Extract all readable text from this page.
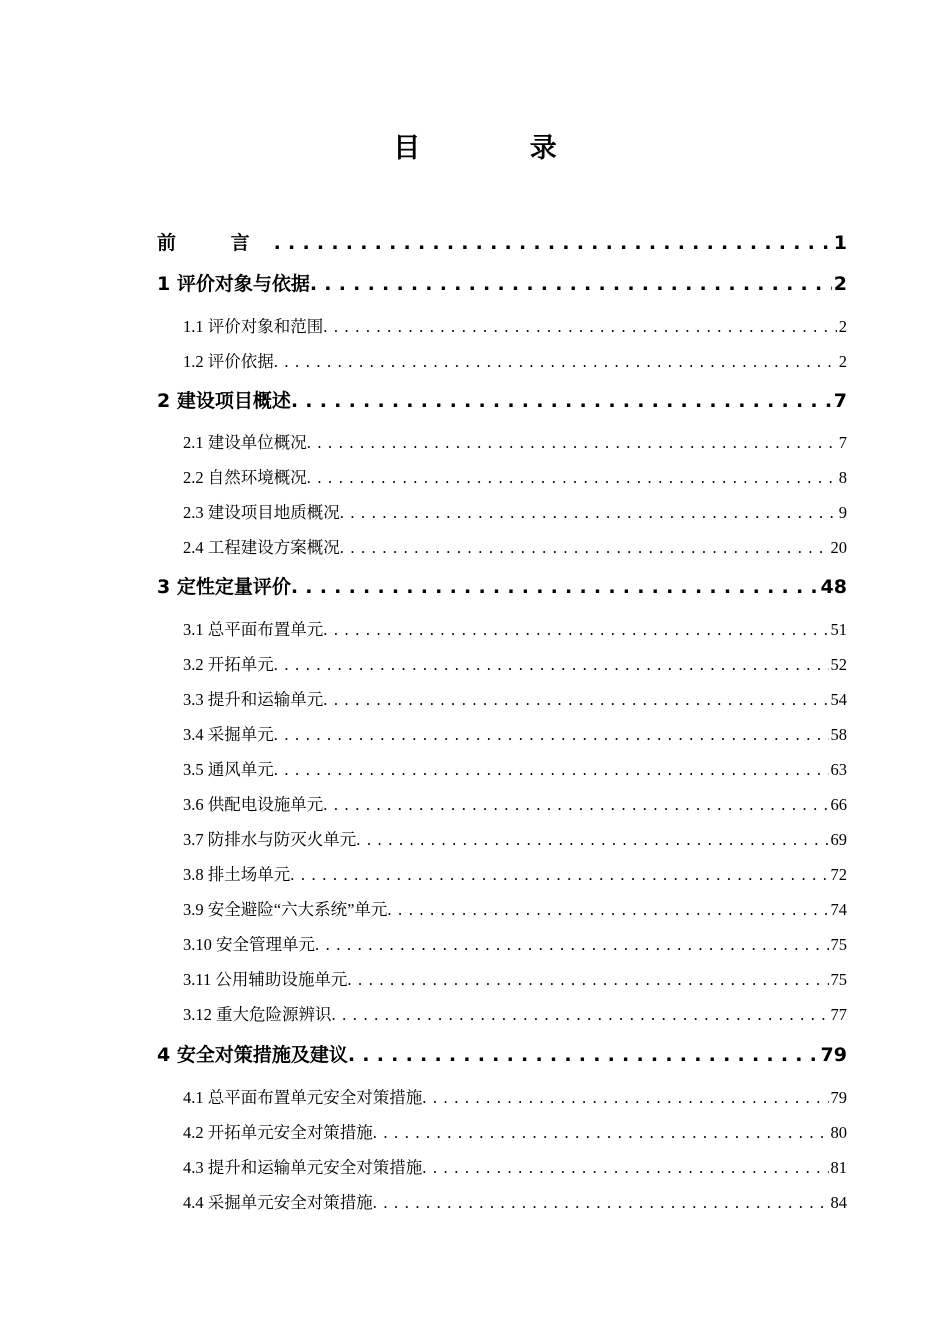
目 录
前 言 . . .	1
1 评价对象与依据 . . .	2
1.1 评价对象和范围 . . .	2
1.2 评价依据 . . .	2
2 建设项目概述 . . .	7
2.1 建设单位概况 . . .	7
2.2 自然环境概况 . . .	8
2.3 建设项目地质概况 . . .	9
2.4 工程建设方案概况 . . .	20
3 定性定量评价 . . .	48
3.1 总平面布置单元 . . .	51
3.2 开拓单元 . . .	52
3.3 提升和运输单元 . . .	54
3.4 采掘单元 . . .	58
3.5 通风单元 . . .	63
3.6 供配电设施单元 . . .	66
3.7 防排水与防灭火单元 . . .	69
3.8 排土场单元 . . .	72
3.9 安全避险“六大系统”单元 . . .	74
3.10 安全管理单元 . . .	75
3.11 公用辅助设施单元 . . .	75
3.12 重大危险源辨识 . . .	77
4 安全对策措施及建议 . . .	79
4.1 总平面布置单元安全对策措施 . . .	79
4.2 开拓单元安全对策措施 . . .	80
4.3 提升和运输单元安全对策措施 . . .	81
4.4 采掘单元安全对策措施 . . .	84
